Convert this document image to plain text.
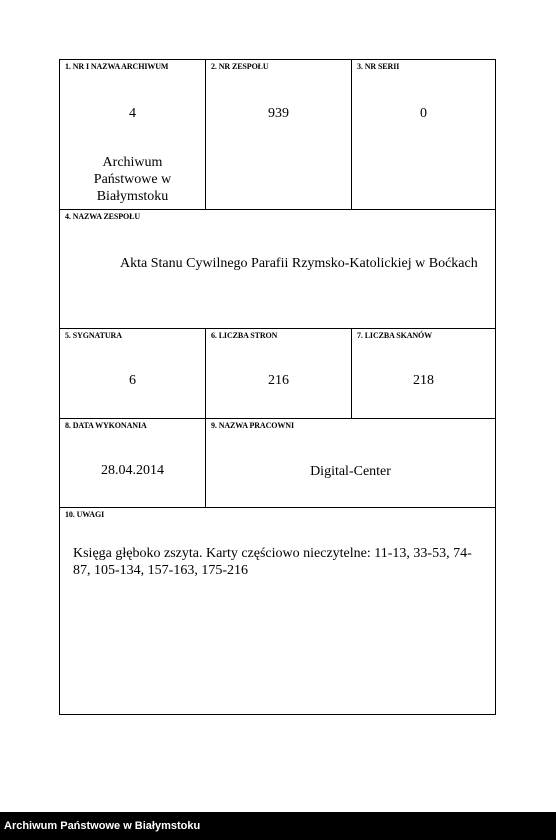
1. NR I NAZWA ARCHIWUM
4
Archiwum Państwowe w Białymstoku
2. NR ZESPOŁU
939
3. NR SERII
0
4. NAZWA ZESPOŁU
Akta Stanu Cywilnego Parafii Rzymsko-Katolickiej w Boćkach
5. SYGNATURA
6
6. LICZBA STRON
216
7. LICZBA SKANÓW
218
8. DATA WYKONANIA
28.04.2014
9. NAZWA PRACOWNI
Digital-Center
10. UWAGI
Księga głęboko zszyta. Karty częściowo nieczytelne: 11-13, 33-53, 74-87, 105-134, 157-163, 175-216
Archiwum Państwowe w Białymstoku
